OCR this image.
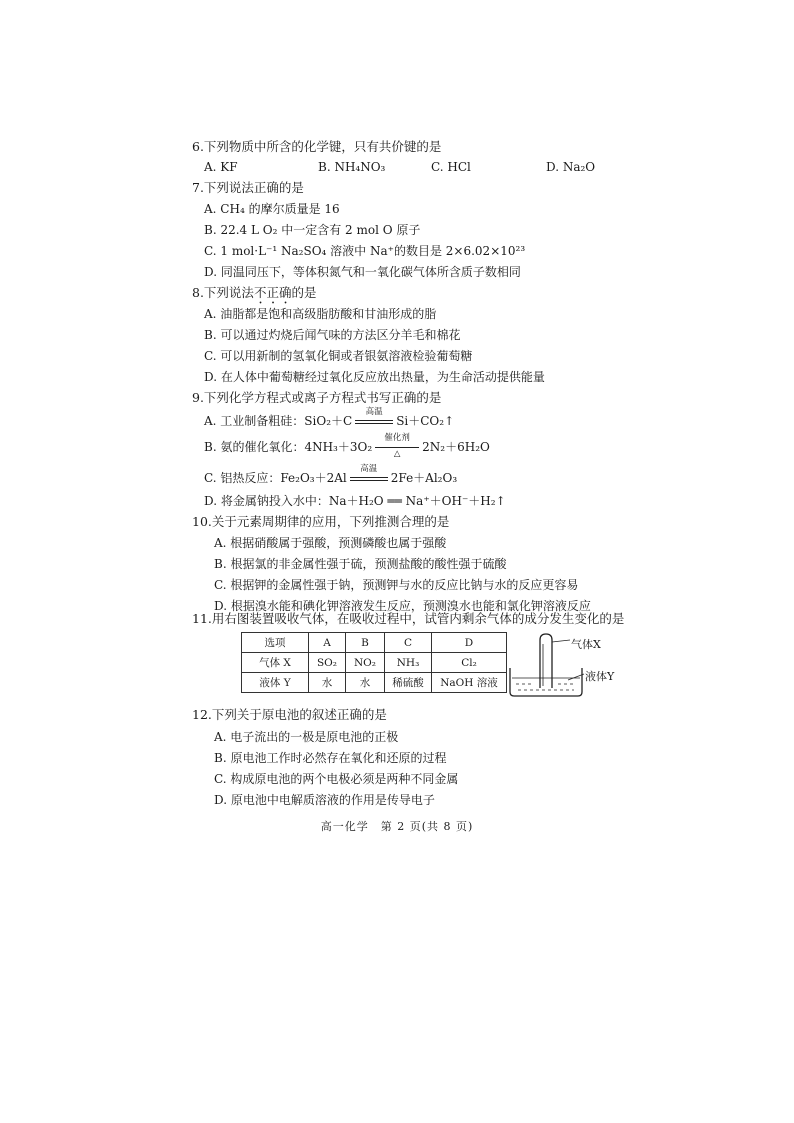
6.下列物质中所含的化学键，只有共价键的是
A. KF	B. NH₄NO₃	C. HCl	D. Na₂O
7.下列说法正确的是
A. CH₄ 的摩尔质量是 16
B. 22.4 L O₂ 中一定含有 2 mol O 原子
C. 1 mol·L⁻¹ Na₂SO₄ 溶液中 Na⁺的数目是 2×6.02×10²³
D. 同温同压下，等体积氮气和一氧化碳气体所含质子数相同
8.下列说法不正确的是
A. 油脂都是饱和高级脂肪酸和甘油形成的脂
B. 可以通过灼烧后闻气味的方法区分羊毛和棉花
C. 可以用新制的氢氧化铜或者银氨溶液检验葡萄糖
D. 在人体中葡萄糖经过氧化反应放出热量，为生命活动提供能量
9.下列化学方程式或离子方程式书写正确的是
A. 工业制备粗硅：SiO₂＋C
高温
Si＋CO₂↑
B. 氨的催化氧化：4NH₃＋3O₂
催化剂
△	2N₂＋6H₂O
C. 铝热反应：Fe₂O₃＋2Al
高温
2Fe＋Al₂O₃
D. 将金属钠投入水中：Na＋H₂O ══ Na⁺＋OH⁻＋H₂↑
10.关于元素周期律的应用，下列推测合理的是
A. 根据硝酸属于强酸，预测磷酸也属于强酸
B. 根据氯的非金属性强于硫，预测盐酸的酸性强于硫酸
C. 根据钾的金属性强于钠，预测钾与水的反应比钠与水的反应更容易
D. 根据溴水能和碘化钾溶液发生反应，预测溴水也能和氯化钾溶液反应
11.用右图装置吸收气体，在吸收过程中，试管内剩余气体的成分发生变化的是
选项	A	B	C	D
气体 X	SO₂	NO₂	NH₃	Cl₂
液体 Y	水	水	稀硫酸	NaOH 溶液
气体X
液体Y
12.下列关于原电池的叙述正确的是
A. 电子流出的一极是原电池的正极
B. 原电池工作时必然存在氧化和还原的过程
C. 构成原电池的两个电极必须是两种不同金属
D. 原电池中电解质溶液的作用是传导电子
高一化学　第 2 页(共 8 页)
